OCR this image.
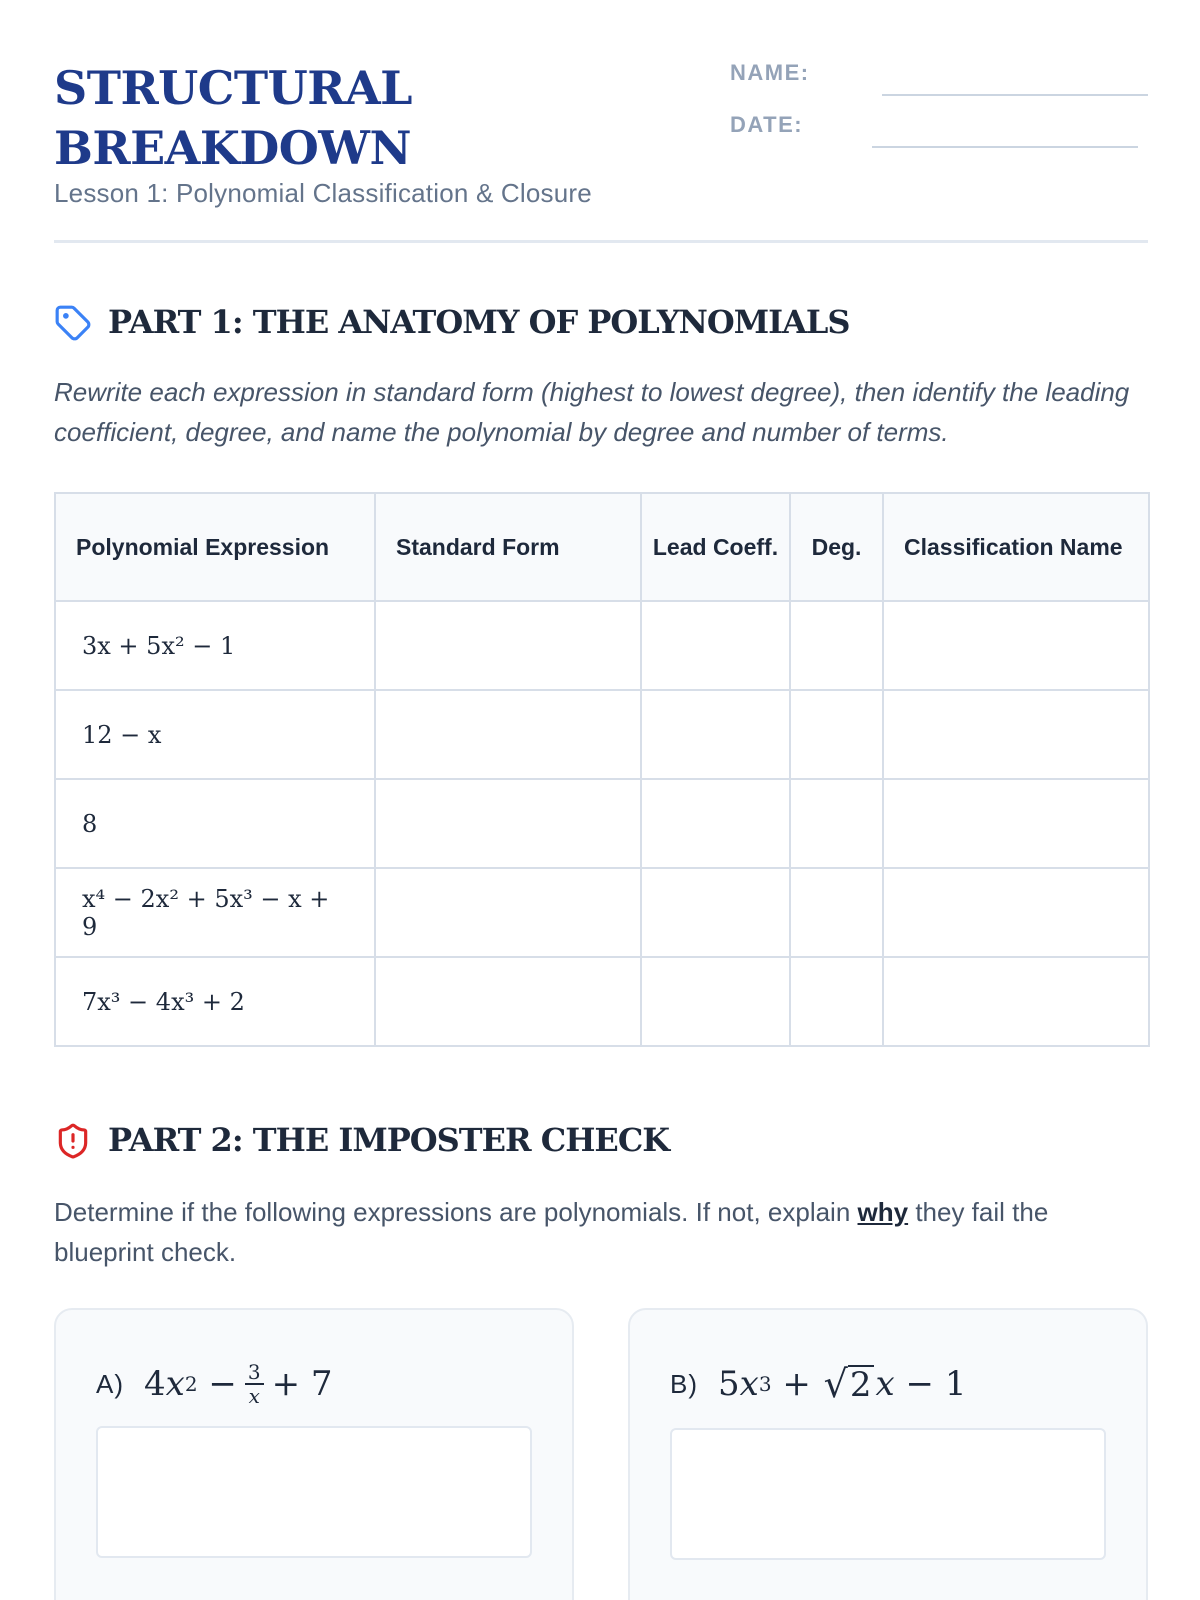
STRUCTURAL
BREAKDOWN
Lesson 1: Polynomial Classification & Closure
NAME:
DATE:
PART 1: THE ANATOMY OF POLYNOMIALS

Rewrite each expression in standard form (highest to lowest degree), then identify the leading coefficient, degree, and name the polynomial by degree and number of terms.

Polynomial Expression	Standard Form	Lead Coeff.	Deg.	Classification Name
3x + 5x² − 1				
12 − x				
8				
x⁴ − 2x² + 5x³ − x + 9				
7x³ − 4x³ + 2				
PART 2: THE IMPOSTER CHECK

Determine if the following expressions are polynomials. If not, explain why they fail the blueprint check.

A) 4 x $2 - \frac{3}{x} + 7$	B) 5 x 3 + √ 2 x − 1
